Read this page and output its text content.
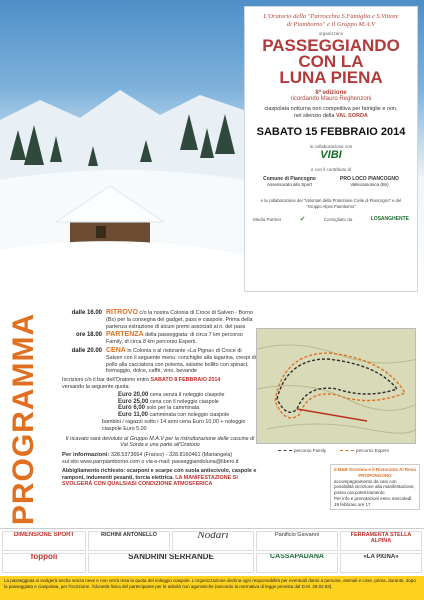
L'Oratorio della "Parrocchia S.Famiglia e S.Vittore
di Piamborno" e il Gruppo M.A.V
organizzano
PASSEGGIANDO
CON LA
LUNA PIENA
8ª edizione
ricordando Mauro Reghenzoni
ciaspolata notturna non competitiva per famiglie e non,
nel silenzio della VAL SORDA
SABATO 15 FEBBRAIO 2014
in collaborazione con
VIBI
e con il contributo di
Comune di Piancogno
Assessorato allo Sport
PRO LOCO PIANCOGNO
Vallecamonica (Bs)
e la collaborazione dei "Volontari della Protezione Civile di Piancogno" e del "Gruppo Alpini Piamborno"
Media Partner	✓	Consigliato da	LOSANGHENTE
PROGRAMMA	dalle 16.00 RITROVO c/o la nostra Colonia di Croce di Salven - Borno (Bs) per la consegna del gadget, pass e ciaspole. Prima della partenza estrazione di alcuni premi associati al n. del pass
ore 18.00 PARTENZA della passeggiata: di circa 7 km percorso Family, di circa 8 km percorso Esperti.
dalle 20.00 CENA in Colonia o al ristorante «La Pigna» di Croce di Salven con il seguente menu: conchiglie alla lagarina, crespi di pollo alla cacciatora con polenta, salame bollito con spinaci, formaggio, dolce, caffè, vino, bevande
Iscrizioni c/o il bar dell'Oratorio entro SABATO 8 FEBBRAIO 2014
versando la seguente quota:
Euro 20,00 cena senza il noleggio ciaspole
Euro 25,00 cena con il noleggio ciaspole
Euro 6,00 solo per la camminata
Euro 11,00 camminata con noleggio ciaspole
bambini / ragazzi sotto i 14 anni cena Euro 10,00 + noleggio ciaspole Euro 5.00
Il ricavato sarà devoluto al Gruppo M.A.V per la ristrutturazione delle cascine di Val Sorda e una parte all'Oratorio
Per informazioni: 328.5373664 (Franco) - 328.8160461 (Mariangela)
sul sito www.parrpiamborno.com o via e-mail: passeggiandoluna@libero.it
Abbigliamento richiesto: scarponi e scarpe con suola antiscivolo, caspole e ramponi, indumenti pesanti, torcia elettrica. LA MANIFESTAZIONE SI SVOLGERÀ CON QUALSIASI CONDIZIONE ATMOSFERICA
percorso Family	percorso Esperti
Il B&B Orsolina e il Ristorante Al Resù PROPONGONO
accompagnamento da cani con
possibilità iscrizione alla manifestazione, posso ora potenziamento
Per info e prenotazioni entro mercoledì 19 febbraio ore 17
DIMENSIONE SPORT	RICHINI ANTONELLO	Nodari	Panificio Giovanni	FERRAMENTA STELLA ALPINA
foppoli	SANDRINI SERRANDE	CASSAPADANA	«LA PIGNA»
La passeggiata si svolgerà anche senza neve e non verrà resa la quota del noleggio ciaspole. L'organizzazione declina ogni responsabilità per eventuali danni a persone, animali e cose, prima, durante, dopo la passeggiata e ciaspolata, per l'iscrizione, l'idoneità fisica del partecipante per le attività non agonistiche (secondo la normativa di legge prevista dal D.M. 28.02.83).
